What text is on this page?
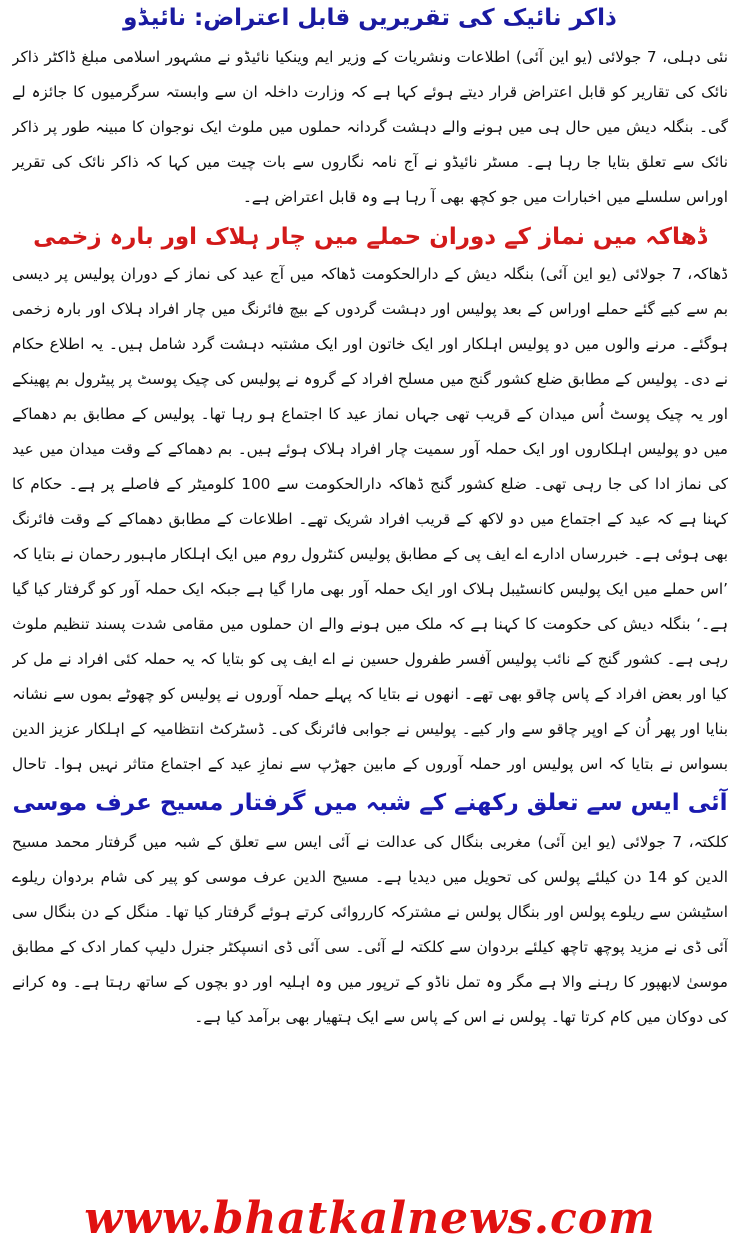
ذاکر نائیک کی تقریریں قابل اعتراض: نائیڈو
نئی دہلی، 7 جولائی (یو این آئی) اطلاعات ونشریات کے وزیر ایم وینکیا نائیڈو نے مشہور اسلامی مبلغ ڈاکٹر ذاکر نائک کی تقاریر کو قابل اعتراض قرار دیتے ہوئے کہا ہے کہ وزارت داخلہ ان سے وابستہ سرگرمیوں کا جائزہ لے گی۔ بنگلہ دیش میں حال ہی میں ہونے والے دہشت گردانہ حملوں میں ملوث ایک نوجوان کا مبینہ طور پر ذاکر نائک سے تعلق بتایا جا رہا ہے۔ مسٹر نائیڈو نے آج نامہ نگاروں سے بات چیت میں کہا کہ ذاکر نائک کی تقریر اوراس سلسلے میں اخبارات میں جو کچھ بھی آ رہا ہے وہ قابل اعتراض ہے۔
ڈھاکہ میں نماز کے دوران حملے میں چار ہلاک اور بارہ زخمی
ڈھاکہ، 7 جولائی (یو این آئی) بنگلہ دیش کے دارالحکومت ڈھاکہ میں آج عید کی نماز کے دوران پولیس پر دیسی بم سے کیے گئے حملے اوراس کے بعد پولیس اور دہشت گردوں کے بیچ فائرنگ میں چار افراد ہلاک اور بارہ زخمی ہوگئے۔ مرنے والوں میں دو پولیس اہلکار اور ایک خاتون اور ایک مشتبہ دہشت گرد شامل ہیں۔ یہ اطلاع حکام نے دی۔ پولیس کے مطابق ضلع کشور گنج میں مسلح افراد کے گروہ نے پولیس کی چیک پوسٹ پر پیٹرول بم پھینکے اور یہ چیک پوسٹ اُس میدان کے قریب تھی جہاں نماز عید کا اجتماع ہو رہا تھا۔ پولیس کے مطابق بم دھماکے میں دو پولیس اہلکاروں اور ایک حملہ آور سمیت چار افراد ہلاک ہوئے ہیں۔ بم دھماکے کے وقت میدان میں عید کی نماز ادا کی جا رہی تھی۔ ضلع کشور گنج ڈھاکہ دارالحکومت سے 100 کلومیٹر کے فاصلے پر ہے۔ حکام کا کہنا ہے کہ عید کے اجتماع میں دو لاکھ کے قریب افراد شریک تھے۔ اطلاعات کے مطابق دھماکے کے وقت فائرنگ بھی ہوئی ہے۔ خبررساں ادارے اے ایف پی کے مطابق پولیس کنٹرول روم میں ایک اہلکار ماہبور رحمان نے بتایا کہ ’اس حملے میں ایک پولیس کانسٹیبل ہلاک اور ایک حملہ آور بھی مارا گیا ہے جبکہ ایک حملہ آور کو گرفتار کیا گیا ہے۔‘ بنگلہ دیش کی حکومت کا کہنا ہے کہ ملک میں ہونے والے ان حملوں میں مقامی شدت پسند تنظیم ملوث رہی ہے۔ کشور گنج کے نائب پولیس آفسر طفرول حسین نے اے ایف پی کو بتایا کہ یہ حملہ کئی افراد نے مل کر کیا اور بعض افراد کے پاس چاقو بھی تھے۔ انھوں نے بتایا کہ پہلے حملہ آوروں نے پولیس کو چھوٹے بموں سے نشانہ بنایا اور پھر اُن کے اوپر چاقو سے وار کیے۔ پولیس نے جوابی فائرنگ کی۔ ڈسٹرکٹ انتظامیہ کے اہلکار عزیز الدین بسواس نے بتایا کہ اس پولیس اور حملہ آوروں کے مابین جھڑپ سے نمازِ عید کے اجتماع متاثر نہیں ہوا۔ تاحال
آئی ایس سے تعلق رکھنے کے شبہ میں گرفتار مسیح عرف موسی
کلکتہ، 7 جولائی (یو این آئی) مغربی بنگال کی عدالت نے آئی ایس سے تعلق کے شبہ میں گرفتار محمد مسیح الدین کو 14 دن کیلئے پولس کی تحویل میں دیدیا ہے۔ مسیح الدین عرف موسی کو پیر کی شام بردوان ریلوے اسٹیشن سے ریلوے پولس اور بنگال پولس نے مشترکہ کارروائی کرتے ہوئے گرفتار کیا تھا۔ منگل کے دن بنگال سی آئی ڈی نے مزید پوچھ تاچھ کیلئے بردوان سے کلکتہ لے آئی۔ سی آئی ڈی انسپکٹر جنرل دلیپ کمار ادک کے مطابق موسیٰ لابھپور کا رہنے والا ہے مگر وہ تمل ناڈو کے ترپور میں وہ اہلیہ اور دو بچوں کے ساتھ رہتا ہے۔ وہ کرانے کی دوکان میں کام کرتا تھا۔ پولس نے اس کے پاس سے ایک ہتھیار بھی برآمد کیا ہے۔
www.bhatkalnews.com
